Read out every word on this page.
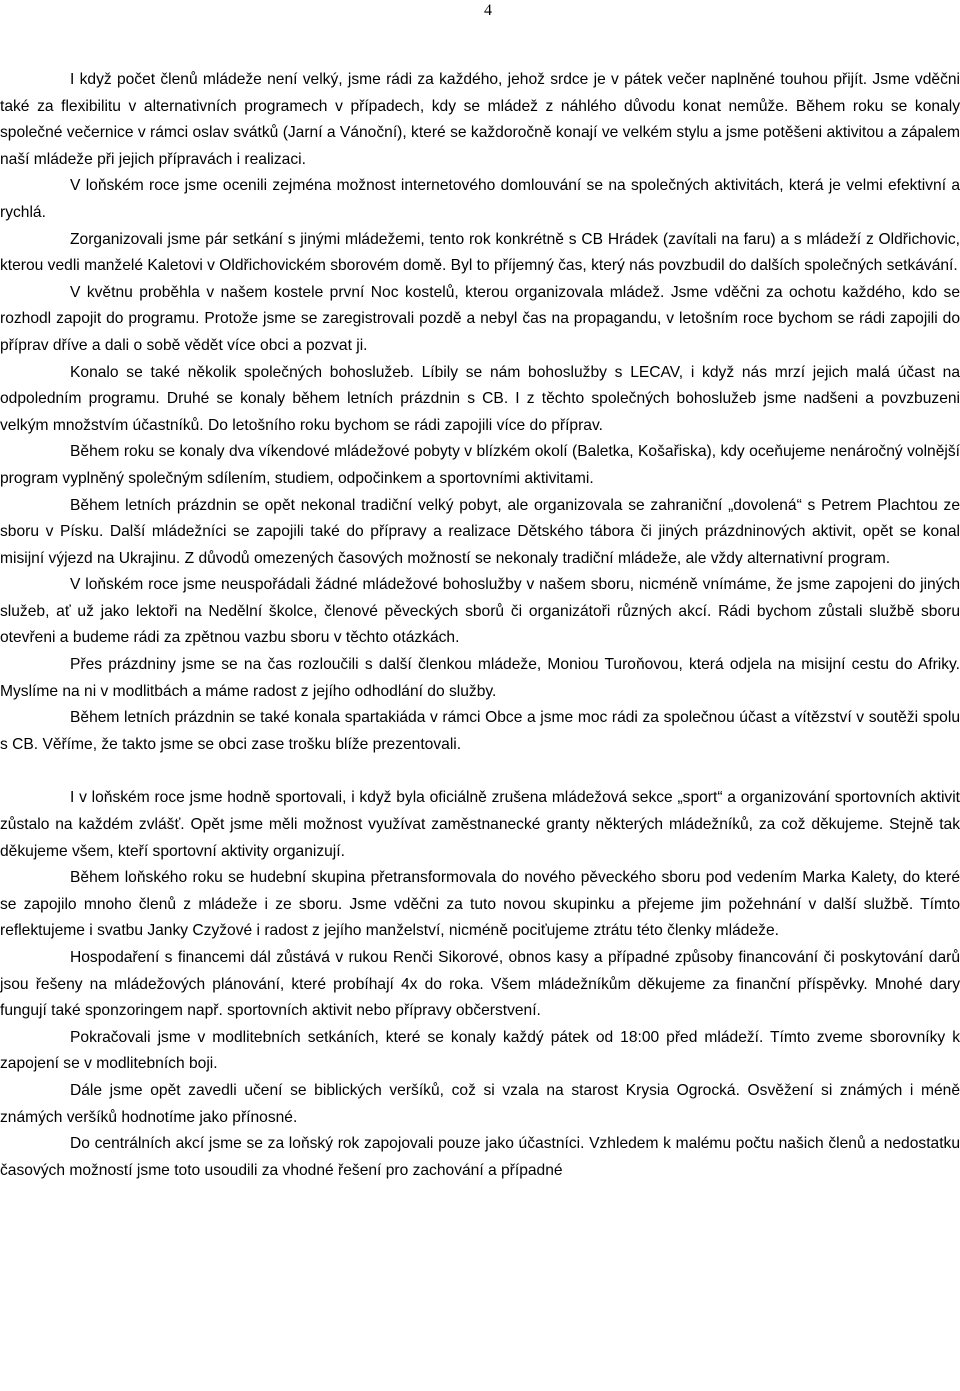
4

I když počet členů mládeže není velký, jsme rádi za každého, jehož srdce je v pátek večer naplněné touhou přijít. Jsme vděčni také za flexibilitu v alternativních programech v případech, kdy se mládež z náhlého důvodu konat nemůže. Během roku se konaly společné večernice v rámci oslav svátků (Jarní a Vánoční), které se každoročně konají ve velkém stylu a jsme potěšeni aktivitou a zápalem naší mládeže při jejich přípravách i realizaci.

V loňském roce jsme ocenili zejména možnost internetového domlouvání se na společných aktivitách, která je velmi efektivní a rychlá.

Zorganizovali jsme pár setkání s jinými mládežemi, tento rok konkrétně s CB Hrádek (zavítali na faru) a s mládeží z Oldřichovic, kterou vedli manželé Kaletovi v Oldřichovickém sborovém domě. Byl to příjemný čas, který nás povzbudil do dalších společných setkávání.

V květnu proběhla v našem kostele první Noc kostelů, kterou organizovala mládež. Jsme vděčni za ochotu každého, kdo se rozhodl zapojit do programu. Protože jsme se zaregistrovali pozdě a nebyl čas na propagandu, v letošním roce bychom se rádi zapojili do příprav dříve a dali o sobě vědět více obci a pozvat ji.

Konalo se také několik společných bohoslužeb. Líbily se nám bohoslužby s LECAV, i když nás mrzí jejich malá účast na odpoledním programu. Druhé se konaly během letních prázdnin s CB. I z těchto společných bohoslužeb jsme nadšeni a povzbuzeni velkým množstvím účastníků. Do letošního roku bychom se rádi zapojili více do příprav.

Během roku se konaly dva víkendové mládežové pobyty v blízkém okolí (Baletka, Košařiska), kdy oceňujeme nenáročný volnější program vyplněný společným sdílením, studiem, odpočinkem a sportovními aktivitami.

Během letních prázdnin se opět nekonal tradiční velký pobyt, ale organizovala se zahraniční „dovolená“ s Petrem Plachtou ze sboru v Písku. Další mládežníci se zapojili také do přípravy a realizace Dětského tábora či jiných prázdninových aktivit, opět se konal misijní výjezd na Ukrajinu. Z důvodů omezených časových možností se nekonaly tradiční mládeže, ale vždy alternativní program.

V loňském roce jsme neuspořádali žádné mládežové bohoslužby v našem sboru, nicméně vnímáme, že jsme zapojeni do jiných služeb, ať už jako lektoři na Nedělní školce, členové pěveckých sborů či organizátoři různých akcí. Rádi bychom zůstali službě sboru otevřeni a budeme rádi za zpětnou vazbu sboru v těchto otázkách.

Přes prázdniny jsme se na čas rozloučili s další členkou mládeže, Moniou Turoňovou, která odjela na misijní cestu do Afriky. Myslíme na ni v modlitbách a máme radost z jejího odhodlání do služby.

Během letních prázdnin se také konala spartakiáda v rámci Obce a jsme moc rádi za společnou účast a vítězství v soutěži spolu s CB. Věříme, že takto jsme se obci zase trošku blíže prezentovali.

I v loňském roce jsme hodně sportovali, i když byla oficiálně zrušena mládežová sekce „sport“ a organizování sportovních aktivit zůstalo na každém zvlášť. Opět jsme měli možnost využívat zaměstnanecké granty některých mládežníků, za což děkujeme. Stejně tak děkujeme všem, kteří sportovní aktivity organizují.

Během loňského roku se hudební skupina přetransformovala do nového pěveckého sboru pod vedením Marka Kalety, do které se zapojilo mnoho členů z mládeže i ze sboru. Jsme vděčni za tuto novou skupinku a přejeme jim požehnání v další službě. Tímto reflektujeme i svatbu Janky Czyžové i radost z jejího manželství, nicméně pociťujeme ztrátu této členky mládeže.

Hospodaření s financemi dál zůstává v rukou Renči Sikorové, obnos kasy a případné způsoby financování či poskytování darů jsou řešeny na mládežových plánování, které probíhají 4x do roka. Všem mládežníkům děkujeme za finanční příspěvky. Mnohé dary fungují také sponzoringem např. sportovních aktivit nebo přípravy občerstvení.

Pokračovali jsme v modlitebních setkáních, které se konaly každý pátek od 18:00 před mládeží. Tímto zveme sborovníky k zapojení se v modlitebních boji.

Dále jsme opět zavedli učení se biblických veršíků, což si vzala na starost Krysia Ogrocká. Osvěžení si známých i méně známých veršíků hodnotíme jako přínosné.

Do centrálních akcí jsme se za loňský rok zapojovali pouze jako účastníci. Vzhledem k malému počtu našich členů a nedostatku časových možností jsme toto usoudili za vhodné řešení pro zachování a případné
